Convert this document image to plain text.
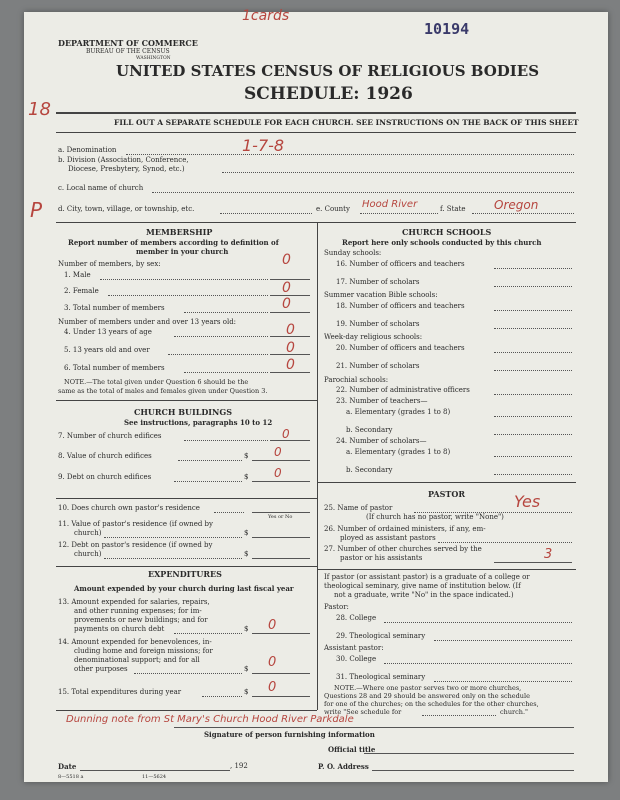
1cards
DEPARTMENT OF COMMERCE
BUREAU OF THE CENSUS
WASHINGTON
10194
UNITED STATES CENSUS OF RELIGIOUS BODIES
SCHEDULE: 1926
18
FILL OUT A SEPARATE SCHEDULE FOR EACH CHURCH. SEE INSTRUCTIONS ON THE BACK OF THIS SHEET
a. Denomination	1-7-8
b. Division (Association, Conference,
Diocese, Presbytery, Synod, etc.)
c. Local name of church
P d. City, town, village, or township, etc.	e. County Hood River	f. State Oregon
MEMBERSHIP
Report number of members according to definition of
member in your church
Number of members, by sex:
1. Male
0
2. Female	0
3. Total number of members	0
Number of members under and over 13 years old:
4. Under 13 years of age	0
5. 13 years old and over	0
6. Total number of members	0
NOTE.—The total given under Question 6 should be the
same as the total of males and females given under Question 3.
CHURCH BUILDINGS
See instructions, paragraphs 10 to 12
7. Number of church edifices	0
8. Value of church edifices	$ 0
9. Debt on church edifices	$ 0
10. Does church own pastor's residence
Yes or No
11. Value of pastor's residence (if owned by
church)	$
12. Debt on pastor's residence (if owned by
church)	$
EXPENDITURES
Amount expended by your church during last fiscal year
13. Amount expended for salaries, repairs,
and other running expenses; for im-
provements or new buildings; and for
payments on church debt	$ 0
14. Amount expended for benevolences, in-
cluding home and foreign missions; for
denominational support; and for all
other purposes	$ 0
15. Total expenditures during year	$ 0
CHURCH SCHOOLS
Report here only schools conducted by this church
Sunday schools:
16. Number of officers and teachers
17. Number of scholars
Summer vacation Bible schools:
18. Number of officers and teachers
19. Number of scholars
Week-day religious schools:
20. Number of officers and teachers
21. Number of scholars
Parochial schools:
22. Number of administrative officers
23. Number of teachers—
a. Elementary (grades 1 to 8)
b. Secondary
24. Number of scholars—
a. Elementary (grades 1 to 8)
b. Secondary
PASTOR
25. Name of pastor	Yes
(If church has no pastor, write "None")
26. Number of ordained ministers, if any, em-
ployed as assistant pastors
27. Number of other churches served by the
pastor or his assistants	3
If pastor (or assistant pastor) is a graduate of a college or
theological seminary, give name of institution below. (If
not a graduate, write "No" in the space indicated.)
Pastor:
28. College
29. Theological seminary
Assistant pastor:
30. College
31. Theological seminary
NOTE.—Where one pastor serves two or more churches,
Questions 28 and 29 should be answered only on the schedule
for one of the churches; on the schedules for the other churches,
write "See schedule for	church."
Dunning note from St Mary's Church Hood River Parkdale
Signature of person furnishing information
Official title
Date	, 192	P. O. Address
8—5518 a	11—5624
